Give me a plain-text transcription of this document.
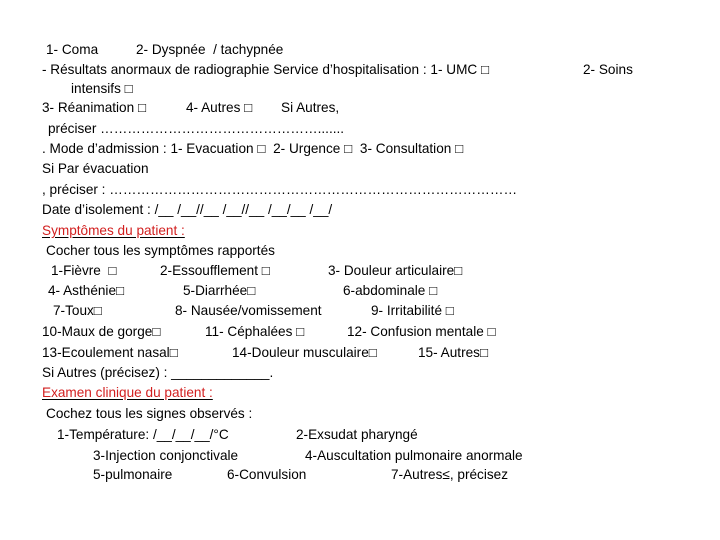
1- Coma	2- Dyspnée  / tachypnée
- Résultats anormaux de radiographie Service d’hospitalisation : 1- UMC □	2- Soins
intensifs □
3- Réanimation □	4- Autres □ Si Autres,
préciser ………………………………………….......
. Mode d’admission : 1- Evacuation □  2- Urgence □  3- Consultation □
Si Par évacuation
, préciser : ………………………………………………………………………………
Date d’isolement : /__ /__//__ /__//__ /__/__ /__/
Symptômes du patient :
Cocher tous les symptômes rapportés
1-Fièvre  □	2-Essoufflement □	3- Douleur articulaire□
4- Asthénie□	5-Diarrhée□	6-abdominale □
7-Toux□	8- Nausée/vomissement	9- Irritabilité □
10-Maux de gorge□	11- Céphalées □	12- Confusion mentale □
13-Ecoulement nasal□	14-Douleur musculaire□	15- Autres□
Si Autres (précisez) : _____________.
Examen clinique du patient :
Cochez tous les signes observés :
1-Température: /__/__/__/°C	2-Exsudat pharyngé
3-Injection conjonctivale	4-Auscultation pulmonaire anormale
5-pulmonaire	6-Convulsion	7-Autres≤, précisez
